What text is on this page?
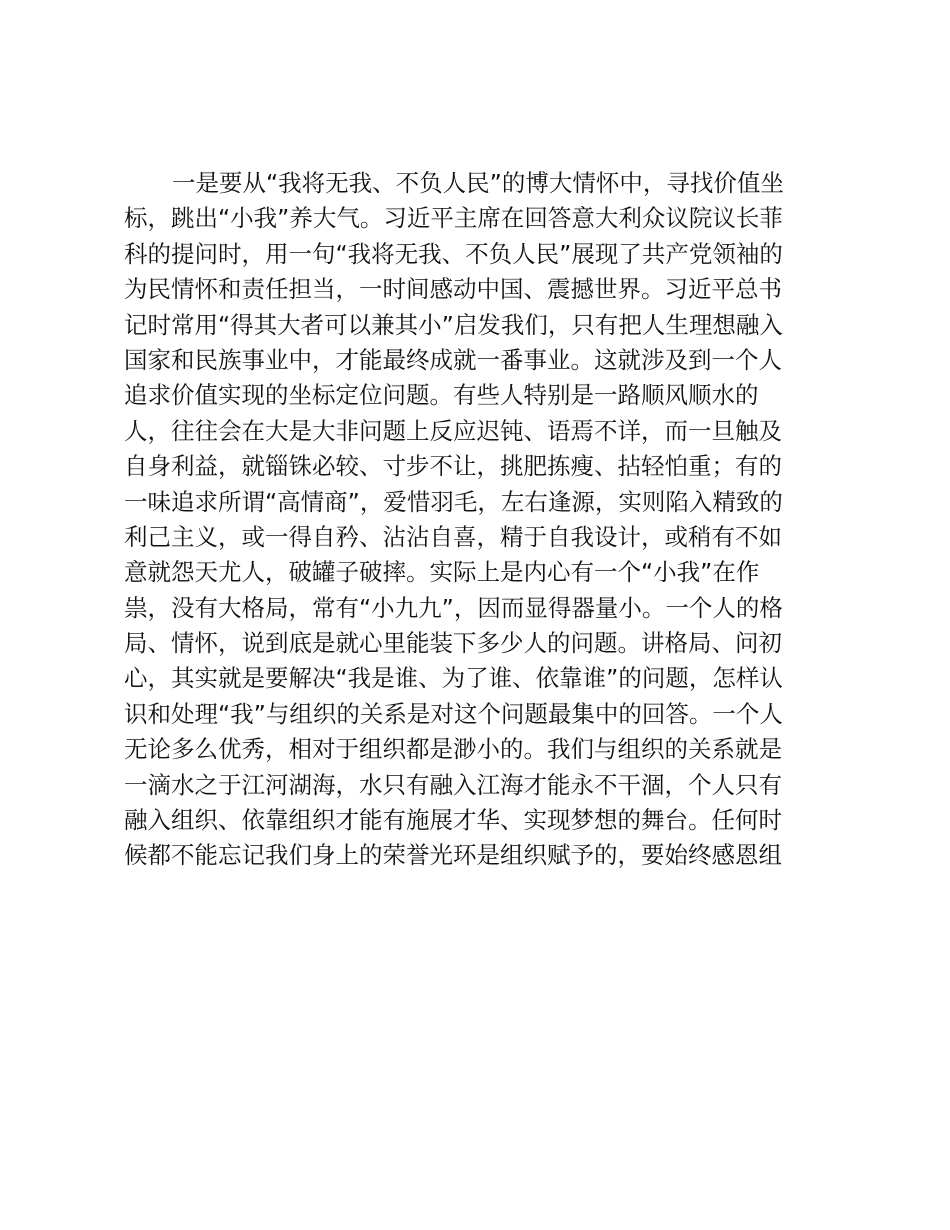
一是要从“我将无我、不负人民”的博大情怀中，寻找价值坐
标，跳出“小我”养大气。习近平主席在回答意大利众议院议长菲
科的提问时，用一句“我将无我、不负人民”展现了共产党领袖的
为民情怀和责任担当，一时间感动中国、震撼世界。习近平总书
记时常用“得其大者可以兼其小”启发我们，只有把人生理想融入
国家和民族事业中，才能最终成就一番事业。这就涉及到一个人
追求价值实现的坐标定位问题。有些人特别是一路顺风顺水的
人，往往会在大是大非问题上反应迟钝、语焉不详，而一旦触及
自身利益，就锱铢必较、寸步不让，挑肥拣瘦、拈轻怕重；有的
一味追求所谓“高情商”，爱惜羽毛，左右逢源，实则陷入精致的
利己主义，或一得自矜、沾沾自喜，精于自我设计，或稍有不如
意就怨天尤人，破罐子破摔。实际上是内心有一个“小我”在作
祟，没有大格局，常有“小九九”，因而显得器量小。一个人的格
局、情怀，说到底是就心里能装下多少人的问题。讲格局、问初
心，其实就是要解决“我是谁、为了谁、依靠谁”的问题，怎样认
识和处理“我”与组织的关系是对这个问题最集中的回答。一个人
无论多么优秀，相对于组织都是渺小的。我们与组织的关系就是
一滴水之于江河湖海，水只有融入江海才能永不干涸，个人只有
融入组织、依靠组织才能有施展才华、实现梦想的舞台。任何时
候都不能忘记我们身上的荣誉光环是组织赋予的，要始终感恩组
